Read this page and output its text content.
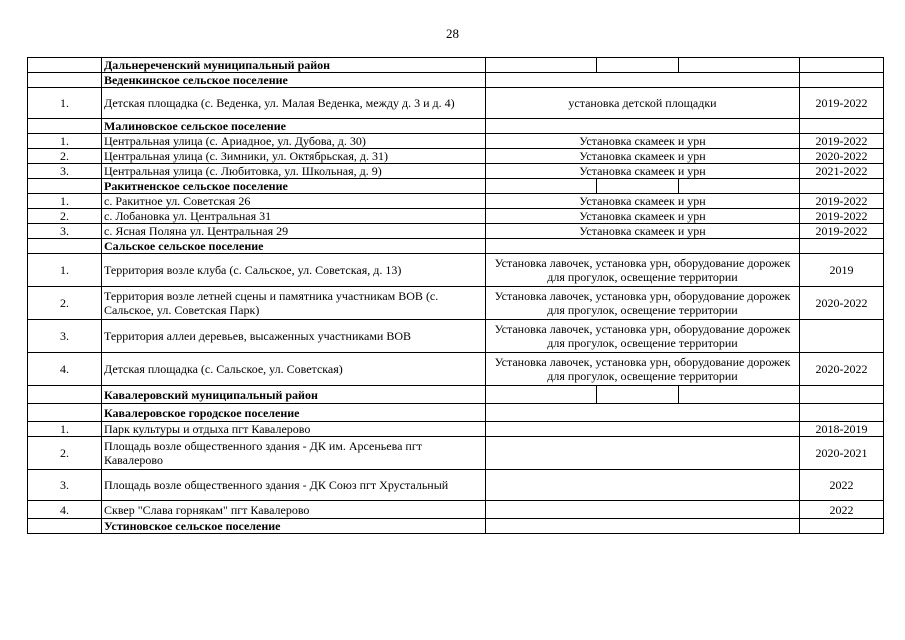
28
	Дальнереченский муниципальный район	

	Веденкинское сельское поселение		
1.	Детская площадка (с. Веденка, ул. Малая Веденка, между д. 3 и д. 4)	установка детской площадки	2019-2022
	Малиновское сельское поселение		
1.	Центральная улица (с. Ариадное, ул. Дубова, д. 30)	Установка скамеек и урн	2019-2022
2.	Центральная улица (с. Зимники, ул. Октябрьская, д. 31)	Установка скамеек и урн	2020-2022
3.	Центральная улица (с. Любитовка, ул. Школьная, д. 9)	Установка скамеек и урн	2021-2022
	Ракитненское сельское поселение	

1.	с. Ракитное ул. Советская 26	Установка скамеек и урн	2019-2022
2.	с. Лобановка ул. Центральная 31	Установка скамеек и урн	2019-2022
3.	с. Ясная Поляна ул. Центральная 29	Установка скамеек и урн	2019-2022
	Сальское сельское поселение		
1.	Территория возле клуба (с. Сальское, ул. Советская, д. 13)	Установка лавочек, установка урн, оборудование дорожек для прогулок, освещение территории	2019
2.	Территория возле летней сцены и памятника участникам ВОВ (с. Сальское, ул. Советская Парк)	Установка лавочек, установка урн, оборудование дорожек для прогулок, освещение территории	2020-2022
3.	Территория аллеи деревьев, высаженных участниками ВОВ	Установка лавочек, установка урн, оборудование дорожек для прогулок, освещение территории	
4.	Детская площадка (с. Сальское, ул. Советская)	Установка лавочек, установка урн, оборудование дорожек для прогулок, освещение территории	2020-2022
	Кавалеровский муниципальный район	

	Кавалеровское городское поселение		
1.	Парк культуры и отдыха пгт Кавалерово		2018-2019
2.	Площадь возле общественного здания - ДК им. Арсеньева пгт Кавалерово		2020-2021
3.	Площадь возле общественного здания - ДК Союз пгт Хрустальный		2022
4.	Сквер "Слава горнякам" пгт Кавалерово		2022
	Устиновское сельское поселение		
